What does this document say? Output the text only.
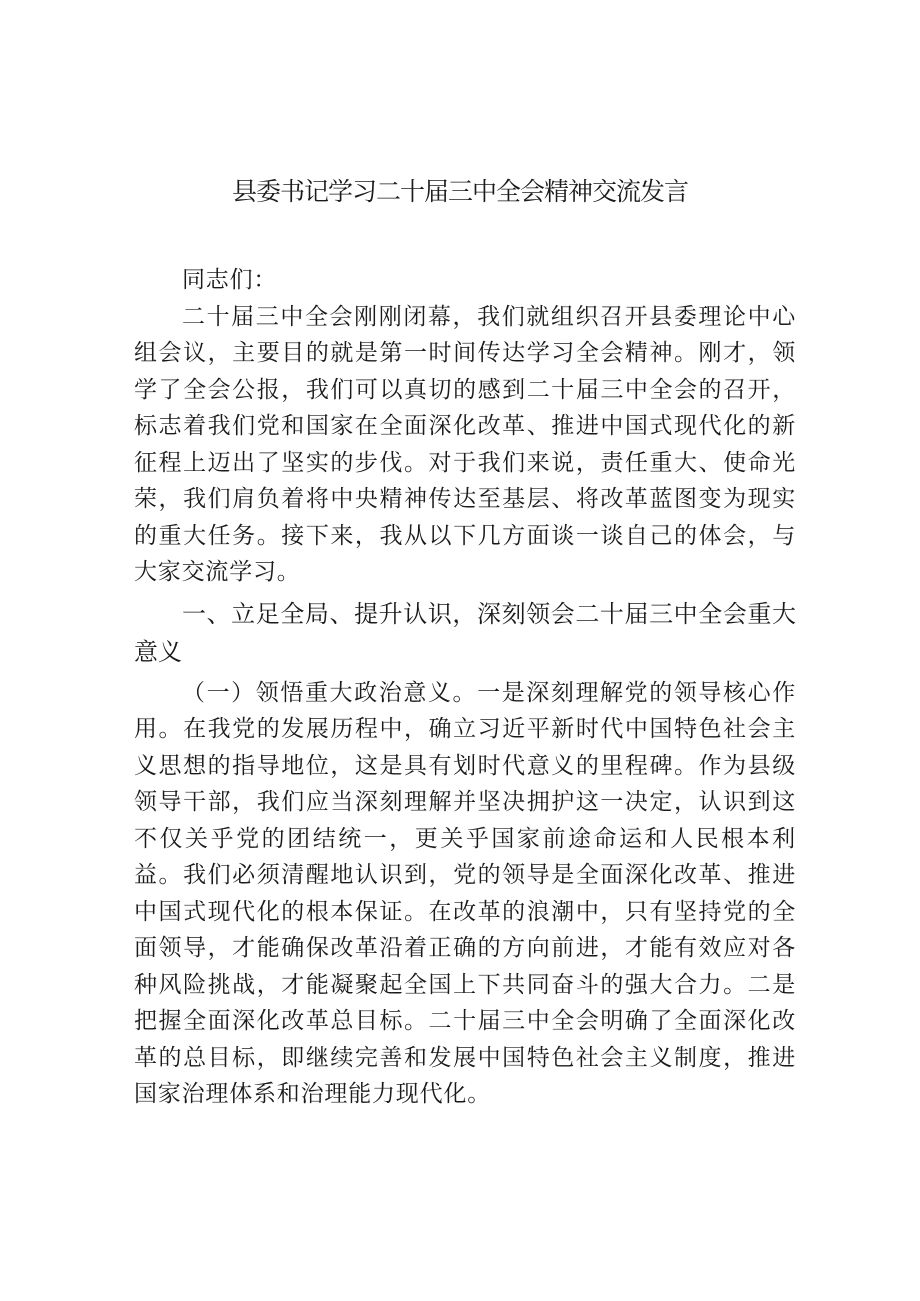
县委书记学习二十届三中全会精神交流发言

同志们：

二十届三中全会刚刚闭幕，我们就组织召开县委理论中心组会议，主要目的就是第一时间传达学习全会精神。刚才，领学了全会公报，我们可以真切的感到二十届三中全会的召开，标志着我们党和国家在全面深化改革、推进中国式现代化的新征程上迈出了坚实的步伐。对于我们来说，责任重大、使命光荣，我们肩负着将中央精神传达至基层、将改革蓝图变为现实的重大任务。接下来，我从以下几方面谈一谈自己的体会，与大家交流学习。

一、立足全局、提升认识，深刻领会二十届三中全会重大意义

（一）领悟重大政治意义。一是深刻理解党的领导核心作用。在我党的发展历程中，确立习近平新时代中国特色社会主义思想的指导地位，这是具有划时代意义的里程碑。作为县级领导干部，我们应当深刻理解并坚决拥护这一决定，认识到这不仅关乎党的团结统一，更关乎国家前途命运和人民根本利益。我们必须清醒地认识到，党的领导是全面深化改革、推进中国式现代化的根本保证。在改革的浪潮中，只有坚持党的全面领导，才能确保改革沿着正确的方向前进，才能有效应对各种风险挑战，才能凝聚起全国上下共同奋斗的强大合力。二是把握全面深化改革总目标。二十届三中全会明确了全面深化改革的总目标，即继续完善和发展中国特色社会主义制度，推进国家治理体系和治理能力现代化。
